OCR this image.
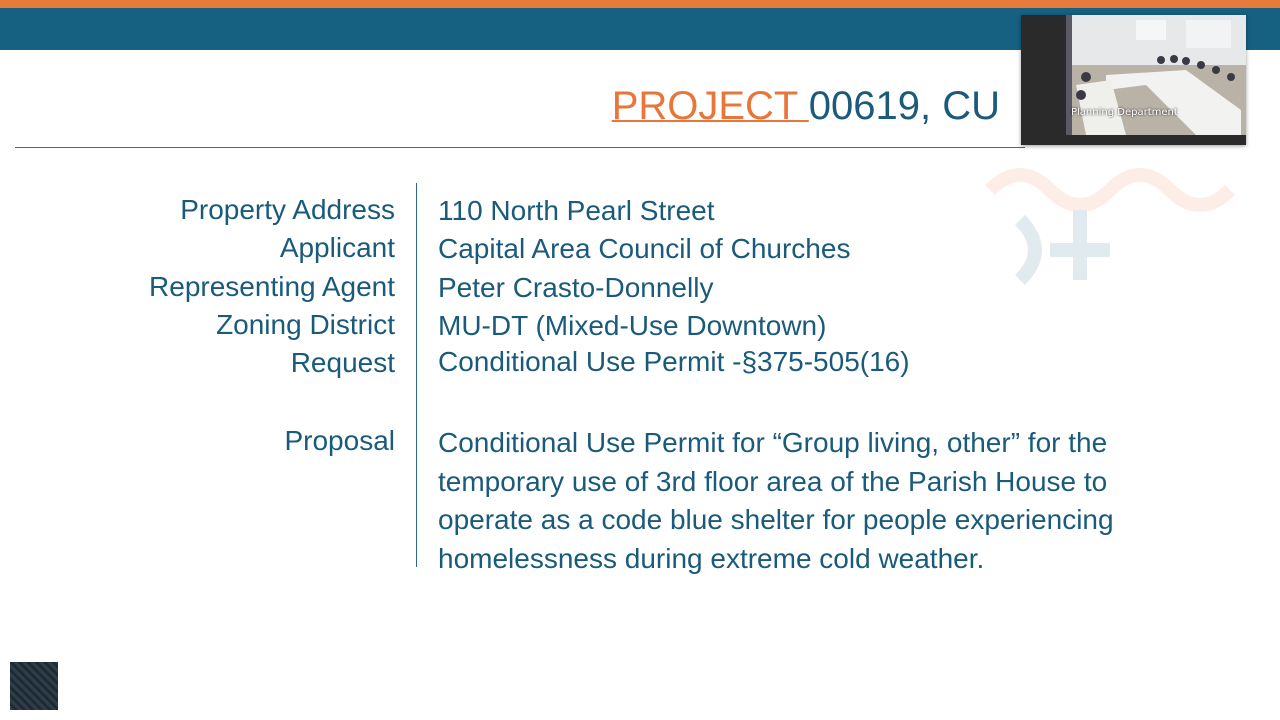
PROJECT 00619, CU
Property Address 110 North Pearl Street
Applicant Capital Area Council of Churches
Representing Agent Peter Crasto-Donnelly
Zoning District MU-DT (Mixed-Use Downtown)
Request Conditional Use Permit -§375-505(16)
Proposal Conditional Use Permit for “Group living, other” for the
temporary use of 3rd floor area of the Parish House to
operate as a code blue shelter for people experiencing
homelessness during extreme cold weather.
Planning Department
